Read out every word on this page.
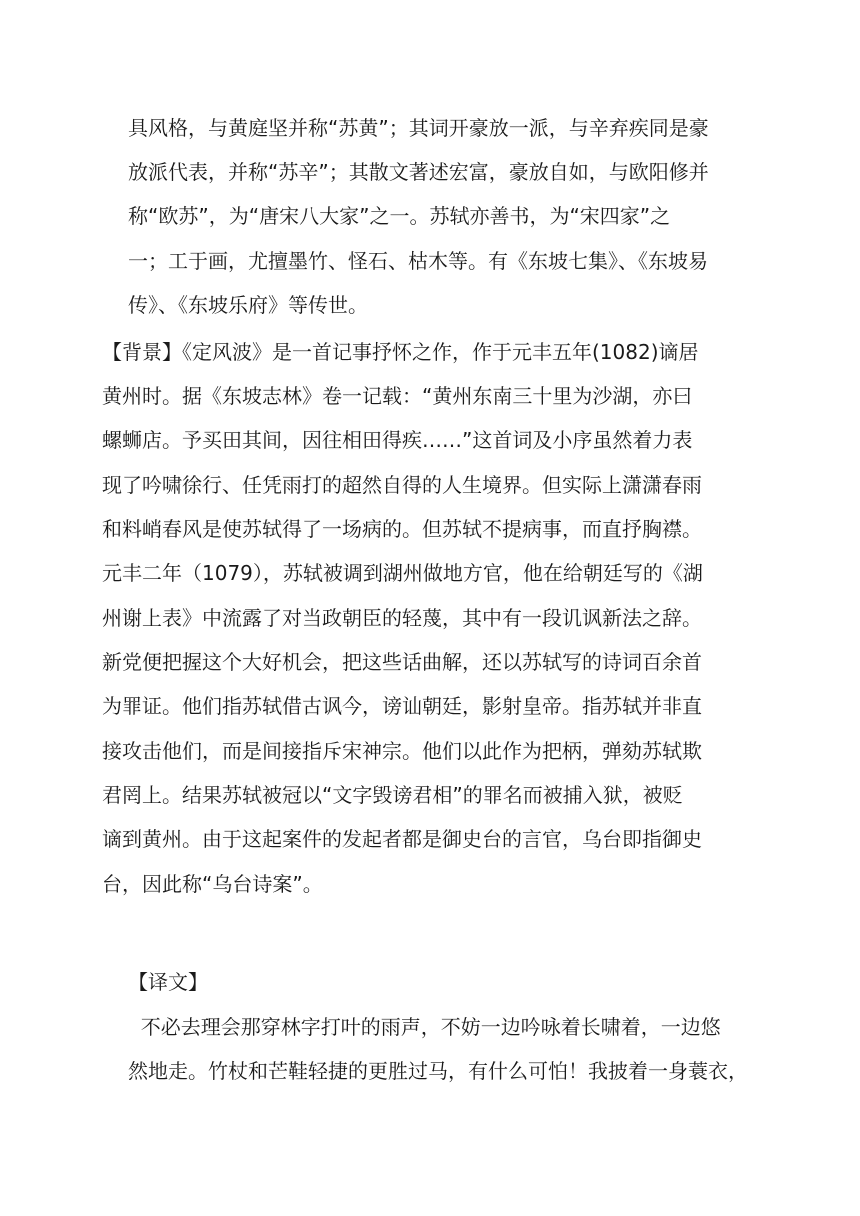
具风格，与黄庭坚并称“苏黄”；其词开豪放一派，与辛弃疾同是豪
放派代表，并称“苏辛”；其散文著述宏富，豪放自如，与欧阳修并
称“欧苏”，为“唐宋八大家”之一。苏轼亦善书，为“宋四家”之
一；工于画，尤擅墨竹、怪石、枯木等。有《东坡七集》、《东坡易
传》、《东坡乐府》等传世。
【背景】《定风波》是一首记事抒怀之作，作于元丰五年(1082)谪居
黄州时。据《东坡志林》卷一记载：“黄州东南三十里为沙湖，亦曰
螺蛳店。予买田其间，因往相田得疾……”这首词及小序虽然着力表
现了吟啸徐行、任凭雨打的超然自得的人生境界。但实际上潇潇春雨
和料峭春风是使苏轼得了一场病的。但苏轼不提病事，而直抒胸襟。
元丰二年（1079），苏轼被调到湖州做地方官，他在给朝廷写的《湖
州谢上表》中流露了对当政朝臣的轻蔑，其中有一段讥讽新法之辞。
新党便把握这个大好机会，把这些话曲解，还以苏轼写的诗词百余首
为罪证。他们指苏轼借古讽今，谤讪朝廷，影射皇帝。指苏轼并非直
接攻击他们，而是间接指斥宋神宗。他们以此作为把柄，弹劾苏轼欺
君罔上。结果苏轼被冠以“文字毁谤君相”的罪名而被捕入狱，被贬
谪到黄州。由于这起案件的发起者都是御史台的言官，乌台即指御史
台，因此称“乌台诗案”。
【译文】
不必去理会那穿林字打叶的雨声，不妨一边吟咏着长啸着，一边悠
然地走。竹杖和芒鞋轻捷的更胜过马，有什么可怕！我披着一身蓑衣，
